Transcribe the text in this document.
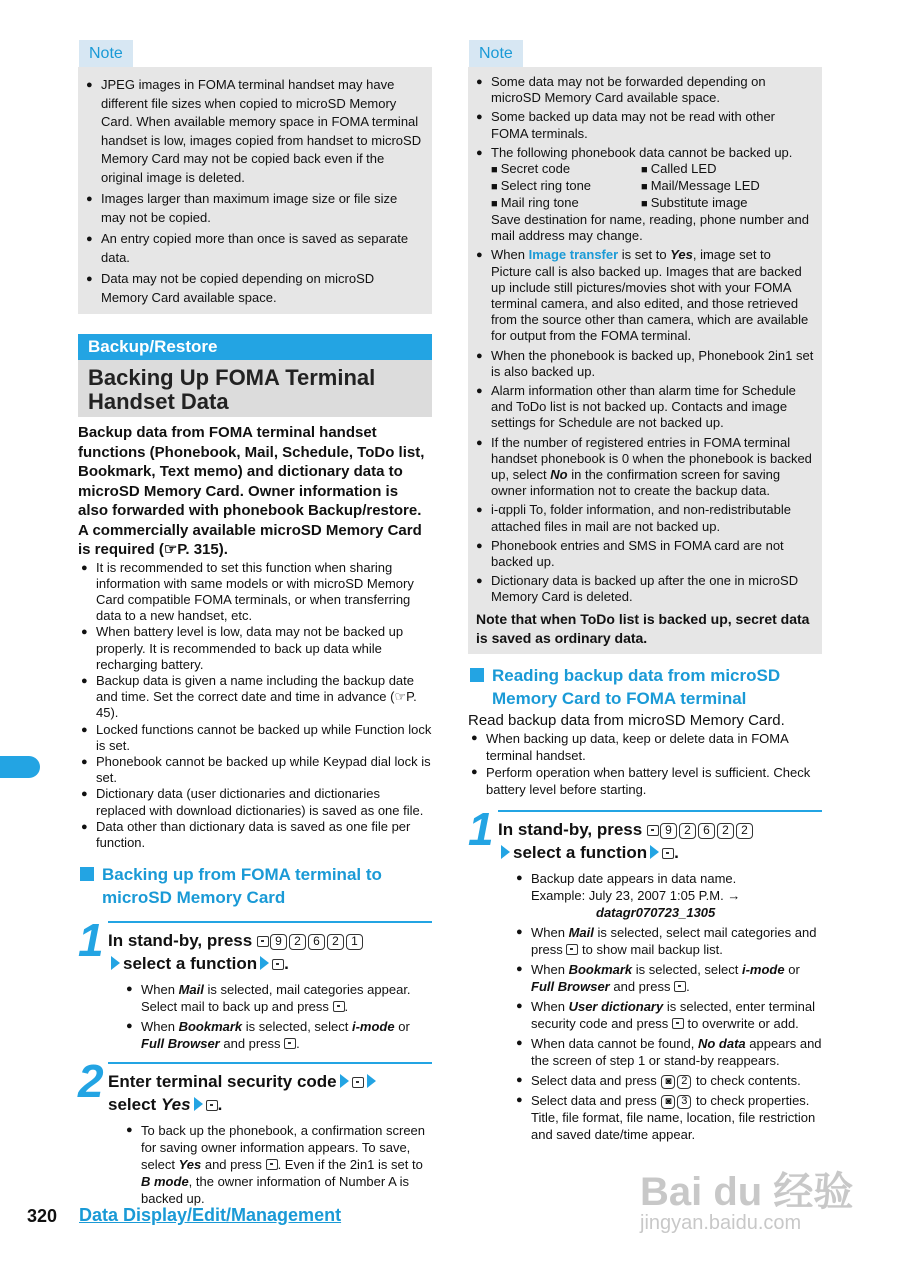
Note
● JPEG images in FOMA terminal handset may have different file sizes when copied to microSD Memory Card. When available memory space in FOMA terminal handset is low, images copied from handset to microSD Memory Card may not be copied back even if the original image is deleted.
● Images larger than maximum image size or file size may not be copied.
● An entry copied more than once is saved as separate data.
● Data may not be copied depending on microSD Memory Card available space.
Backup/Restore
Backing Up FOMA Terminal Handset Data
Backup data from FOMA terminal handset functions (Phonebook, Mail, Schedule, ToDo list, Bookmark, Text memo) and dictionary data to microSD Memory Card. Owner information is also forwarded with phonebook Backup/restore. A commercially available microSD Memory Card is required (☞P. 315).
● It is recommended to set this function when sharing information with same models or with microSD Memory Card compatible FOMA terminals, or when transferring data to a new handset, etc.
● When battery level is low, data may not be backed up properly. It is recommended to back up data while recharging battery.
● Backup data is given a name including the backup date and time. Set the correct date and time in advance (☞P. 45).
● Locked functions cannot be backed up while Function lock is set.
● Phonebook cannot be backed up while Keypad dial lock is set.
● Dictionary data (user dictionaries and dictionaries replaced with download dictionaries) is saved as one file.
● Data other than dictionary data is saved as one file per function.
Backing up from FOMA terminal to microSD Memory Card
1 In stand-by, press 9 2 6 2 1
select a function .
● When Mail is selected, mail categories appear. Select mail to back up and press .
● When Bookmark is selected, select i-mode or Full Browser and press .
2 Enter terminal security code
select Yes .
● To back up the phonebook, a confirmation screen for saving owner information appears. To save, select Yes and press . Even if the 2in1 is set to B mode, the owner information of Number A is backed up.
Note
● Some data may not be forwarded depending on microSD Memory Card available space.
● Some backed up data may not be read with other FOMA terminals.
● The following phonebook data cannot be backed up.
■ Secret code	■ Called LED
■ Select ring tone	■ Mail/Message LED
■ Mail ring tone	■ Substitute image
Save destination for name, reading, phone number and mail address may change.
● When Image transfer is set to Yes, image set to Picture call is also backed up. Images that are backed up include still pictures/movies shot with your FOMA terminal camera, and also edited, and those retrieved from the source other than camera, which are available for output from the FOMA terminal.
● When the phonebook is backed up, Phonebook 2in1 set is also backed up.
● Alarm information other than alarm time for Schedule and ToDo list is not backed up. Contacts and image settings for Schedule are not backed up.
● If the number of registered entries in FOMA terminal handset phonebook is 0 when the phonebook is backed up, select No in the confirmation screen for saving owner information not to create the backup data.
● i-αppli To, folder information, and non-redistributable attached files in mail are not backed up.
● Phonebook entries and SMS in FOMA card are not backed up.
● Dictionary data is backed up after the one in microSD Memory Card is deleted.
Note that when ToDo list is backed up, secret data is saved as ordinary data.
Reading backup data from microSD Memory Card to FOMA terminal
Read backup data from microSD Memory Card.
● When backing up data, keep or delete data in FOMA terminal handset.
● Perform operation when battery level is sufficient. Check battery level before starting.
1 In stand-by, press 9 2 6 2 2
select a function .
● Backup date appears in data name.
Example: July 23, 2007 1:05 P.M. →
datagr070723_1305
● When Mail is selected, select mail categories and press  to show mail backup list.
● When Bookmark is selected, select i-mode or Full Browser and press .
● When User dictionary is selected, enter terminal security code and press  to overwrite or add.
● When data cannot be found, No data appears and the screen of step 1 or stand-by reappears.
● Select data and press ◙ 2 to check contents.
● Select data and press ◙ 3 to check properties. Title, file format, file name, location, file restriction and saved date/time appear.
320 Data Display/Edit/Management
Bai du 经验
jingyan.baidu.com
